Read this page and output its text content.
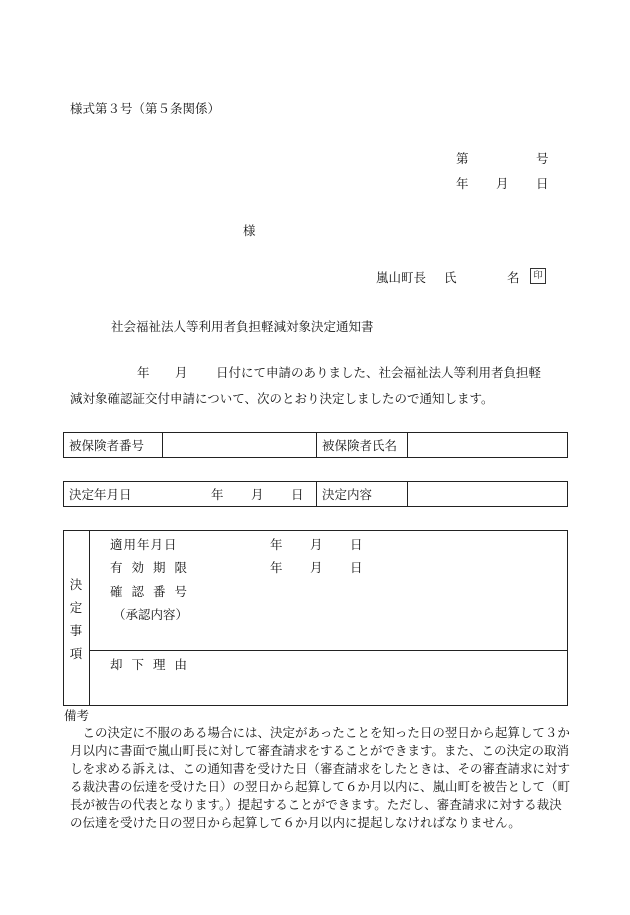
様式第３号（第５条関係）
第	号
年 月 日
様
嵐山町長 氏	名	印
社会福祉法人等利用者負担軽減対象決定通知書
年 月 日付にて申請のありました、社会福祉法人等利用者負担軽
減対象確認証交付申請について、次のとおり決定しましたので通知します。
被保険者番号	被保険者氏名
決定年月日	年 月 日 決定内容
決
定
事
項
適用年月日	年 月 日
有効期限	年 月 日
確認番号
（承認内容）
却下理由
備考

この決定に不服のある場合には、決定があったことを知った日の翌日から起算して３か月以内に書面で嵐山町長に対して審査請求をすることができます。また、この決定の取消しを求める訴えは、この通知書を受けた日（審査請求をしたときは、その審査請求に対する裁決書の伝達を受けた日）の翌日から起算して６か月以内に、嵐山町を被告として（町長が被告の代表となります。）提起することができます。ただし、審査請求に対する裁決の伝達を受けた日の翌日から起算して６か月以内に提起しなければなりません。
